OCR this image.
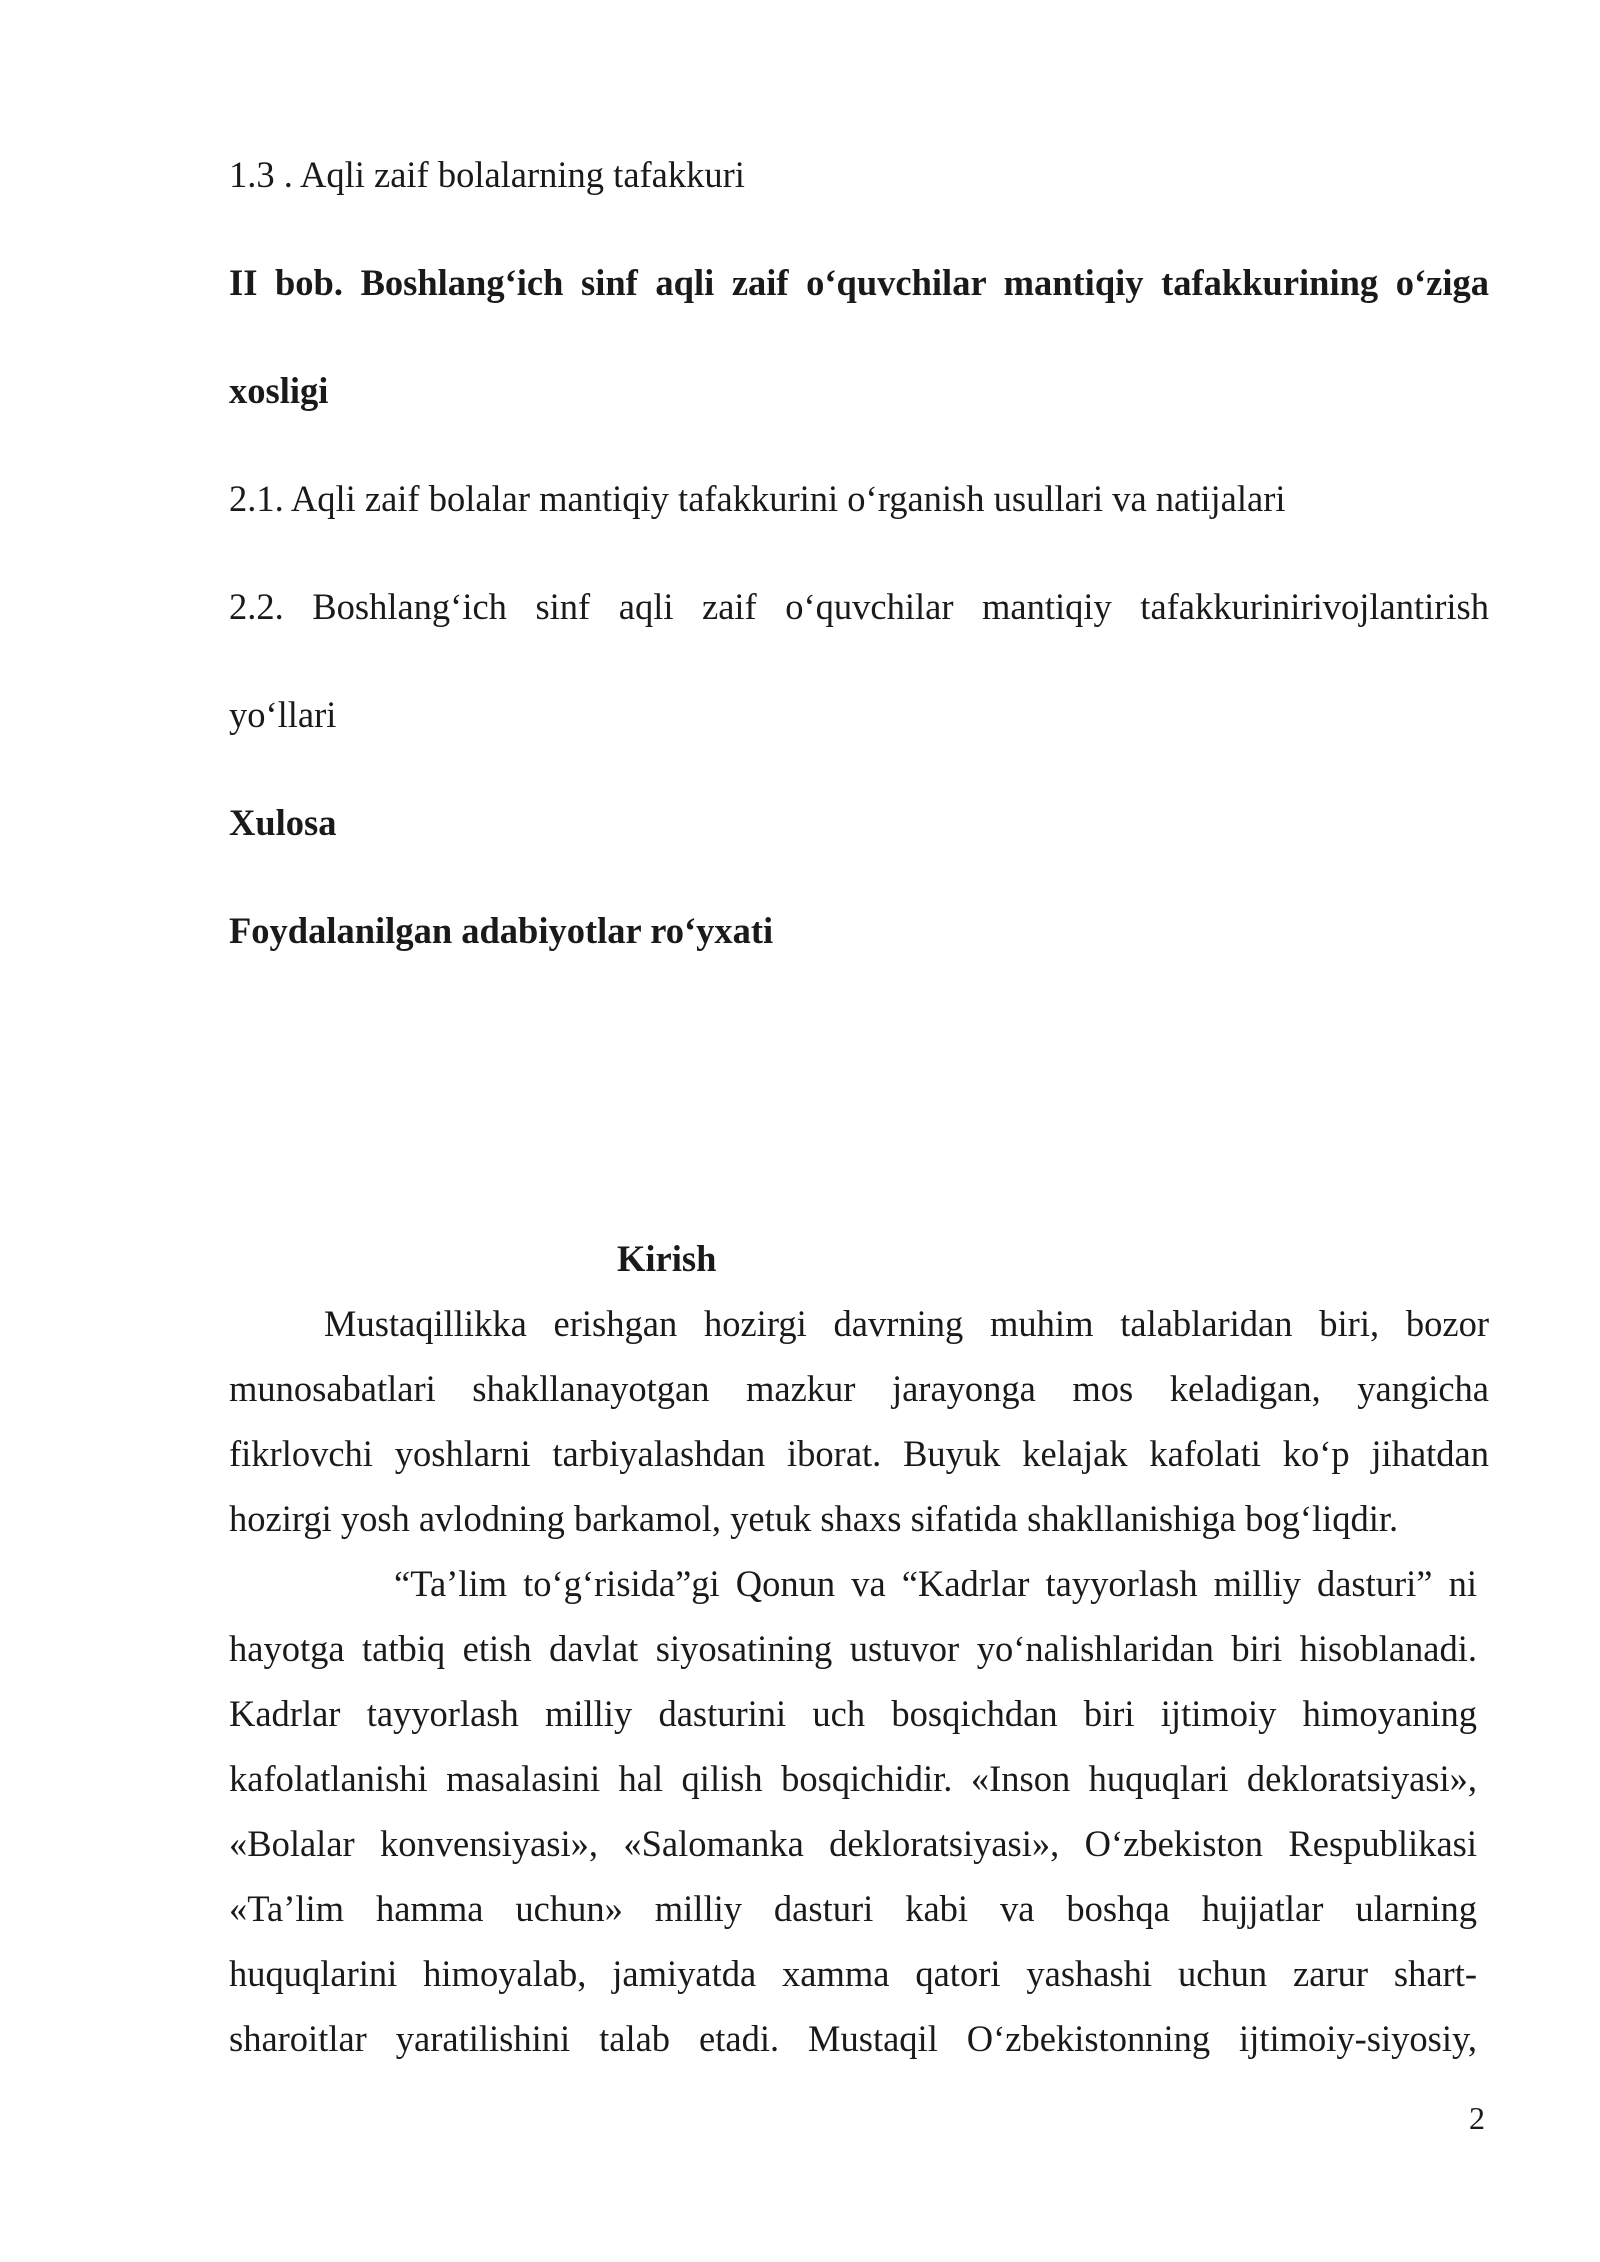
1.3 . Aqli zaif bolalarning tafakkuri
II bob. Boshlang‘ich sinf aqli zaif o‘quvchilar mantiqiy tafakkurining o‘ziga
xosligi
2.1. Aqli zaif bolalar mantiqiy tafakkurini o‘rganish usullari va natijalari
2.2. Boshlang‘ich sinf aqli zaif o‘quvchilar mantiqiy tafakkurinirivojlantirish
yo‘llari
Xulosa
Foydalanilgan adabiyotlar ro‘yxati
Kirish
Mustaqillikka erishgan hozirgi davrning muhim talablaridan biri, bozor
munosabatlari shakllanayotgan mazkur jarayonga mos keladigan, yangicha
fikrlovchi yoshlarni tarbiyalashdan iborat. Buyuk kelajak kafolati ko‘p jihatdan
hozirgi yosh avlodning barkamol, yetuk shaxs sifatida shakllanishiga bog‘liqdir.
“Ta’lim to‘g‘risida”gi Qonun va “Kadrlar tayyorlash milliy dasturi” ni
hayotga tatbiq etish davlat siyosatining ustuvor yo‘nalishlaridan biri hisoblanadi.
Kadrlar tayyorlash milliy dasturini uch bosqichdan biri ijtimoiy himoyaning
kafolatlanishi masalasini hal qilish bosqichidir. «Inson huquqlari dekloratsiyasi»,
«Bolalar konvensiyasi», «Salomanka dekloratsiyasi», O‘zbekiston Respublikasi
«Ta’lim hamma uchun» milliy dasturi kabi va boshqa hujjatlar ularning
huquqlarini himoyalab, jamiyatda xamma qatori yashashi uchun zarur shart-
sharoitlar yaratilishini talab etadi. Mustaqil O‘zbekistonning ijtimoiy-siyosiy,
2
